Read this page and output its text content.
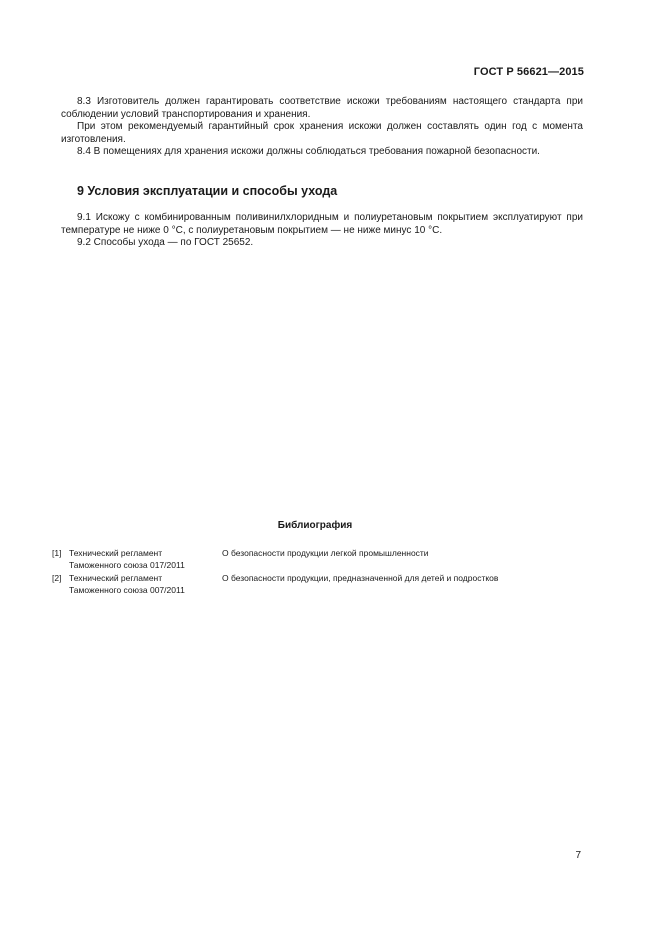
ГОСТ Р 56621—2015

8.3 Изготовитель должен гарантировать соответствие искожи требованиям настоящего стандарта при соблюдении условий транспортирования и хранения.

При этом рекомендуемый гарантийный срок хранения искожи должен составлять один год с момента изготовления.

8.4 В помещениях для хранения искожи должны соблюдаться требования пожарной безопасности.

9 Условия эксплуатации и способы ухода

9.1 Искожу с комбинированным поливинилхлоридным и полиуретановым покрытием эксплуатируют при температуре не ниже 0 °C, с полиуретановым покрытием — не ниже минус 10 °C.

9.2 Способы ухода — по ГОСТ 25652.

Библиография
[1] Технический регламент
Таможенного союза 017/2011
О безопасности продукции легкой промышленности
[2] Технический регламент
Таможенного союза 007/2011
О безопасности продукции, предназначенной для детей и подростков
7
